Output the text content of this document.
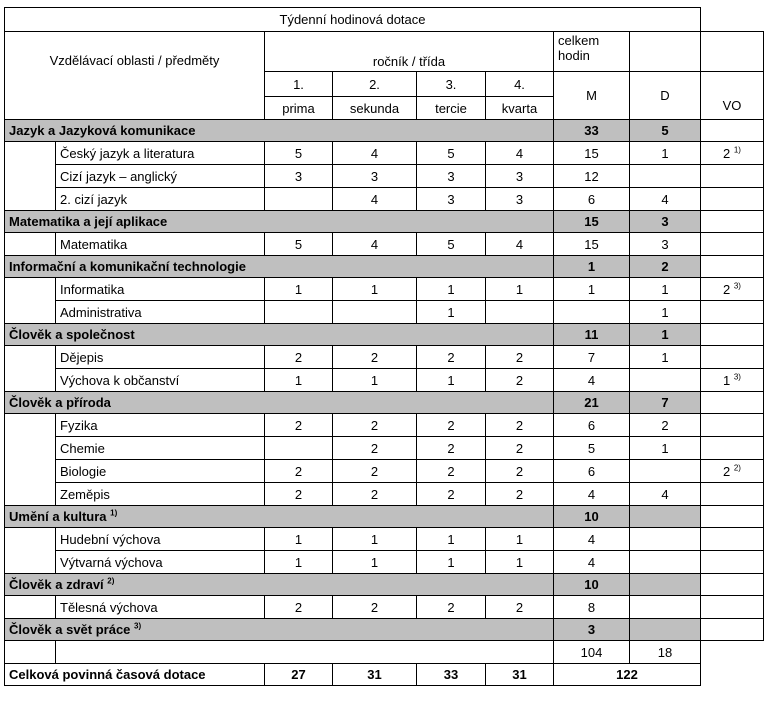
Týdenní hodinová dotace								
Vzdělávací oblasti / předměty		ročník / třída				celkem
hodin		
		1.	2.	3.	4.	M	D	VO
		prima	sekunda	tercie	kvarta			
Jazyk a Jazyková komunikace						33	5	
	Český jazyk a literatura	5	4	5	4	15	1	2 $^{1)}$
	Cizí jazyk – anglický	3	3	3	3	12		
	2. cizí jazyk		4	3	3	6	4	
Matematika a její aplikace						15	3	
	Matematika	5	4	5	4	15	3	
Informační a komunikační technologie						1	2	
	Informatika	1	1	1	1	1	1	2 $^{3)}$
	Administrativa			1			1	
Člověk a společnost						11	1	
	Dějepis	2	2	2	2	7	1	
	Výchova k občanství	1	1	1	2	4		1 $^{3)}$
Člověk a příroda						21	7	
	Fyzika	2	2	2	2	6	2	
	Chemie		2	2	2	5	1	
	Biologie	2	2	2	2	6		2 $^{2)}$
	Zeměpis	2	2	2	2	4	4	
Umění a kultura $^{1)}$						10		
	Hudební výchova	1	1	1	1	4		
	Výtvarná výchova	1	1	1	1	4		
Člověk a zdraví $^{2)}$						10		
	Tělesná výchova	2	2	2	2	8		
Člověk a svět práce $^{3)}$						3		
						104	18	
Celková povinná časová dotace		27	31	33	31	122		
